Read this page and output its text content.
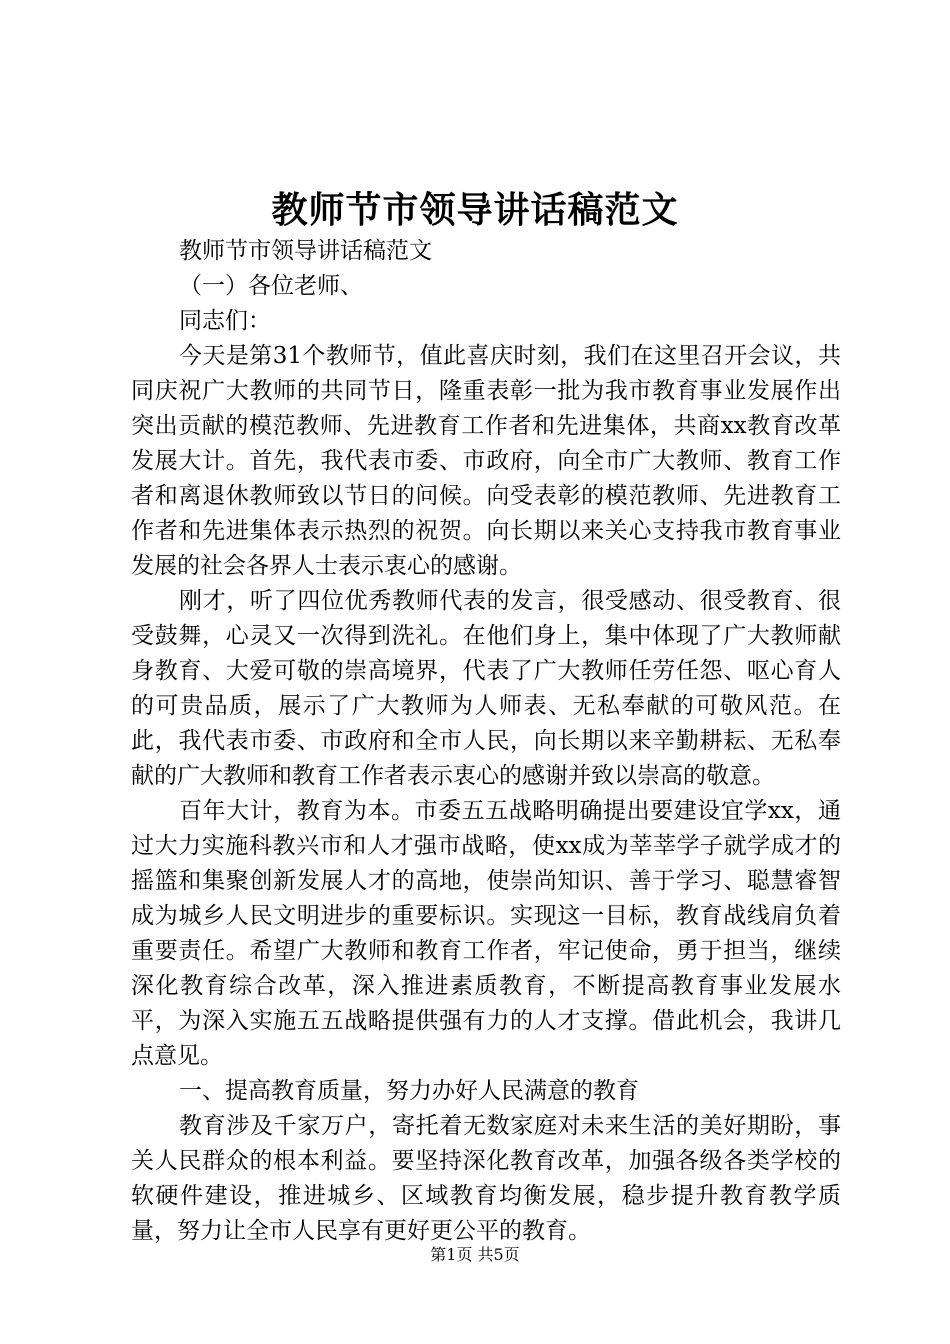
教师节市领导讲话稿范文

教师节市领导讲话稿范文

（一）各位老师、

同志们：

今天是第31个教师节，值此喜庆时刻，我们在这里召开会议，共同庆祝广大教师的共同节日，隆重表彰一批为我市教育事业发展作出突出贡献的模范教师、先进教育工作者和先进集体，共商xx教育改革发展大计。首先，我代表市委、市政府，向全市广大教师、教育工作者和离退休教师致以节日的问候。向受表彰的模范教师、先进教育工作者和先进集体表示热烈的祝贺。向长期以来关心支持我市教育事业发展的社会各界人士表示衷心的感谢。

刚才，听了四位优秀教师代表的发言，很受感动、很受教育、很受鼓舞，心灵又一次得到洗礼。在他们身上，集中体现了广大教师献身教育、大爱可敬的崇高境界，代表了广大教师任劳任怨、呕心育人的可贵品质，展示了广大教师为人师表、无私奉献的可敬风范。在此，我代表市委、市政府和全市人民，向长期以来辛勤耕耘、无私奉献的广大教师和教育工作者表示衷心的感谢并致以崇高的敬意。

百年大计，教育为本。市委五五战略明确提出要建设宜学xx，通过大力实施科教兴市和人才强市战略，使xx成为莘莘学子就学成才的摇篮和集聚创新发展人才的高地，使崇尚知识、善于学习、聪慧睿智成为城乡人民文明进步的重要标识。实现这一目标，教育战线肩负着重要责任。希望广大教师和教育工作者，牢记使命，勇于担当，继续深化教育综合改革，深入推进素质教育，不断提高教育事业发展水平，为深入实施五五战略提供强有力的人才支撑。借此机会，我讲几点意见。

一、提高教育质量，努力办好人民满意的教育

教育涉及千家万户，寄托着无数家庭对未来生活的美好期盼，事关人民群众的根本利益。要坚持深化教育改革，加强各级各类学校的软硬件建设，推进城乡、区域教育均衡发展，稳步提升教育教学质量，努力让全市人民享有更好更公平的教育。

第1页 共5页
